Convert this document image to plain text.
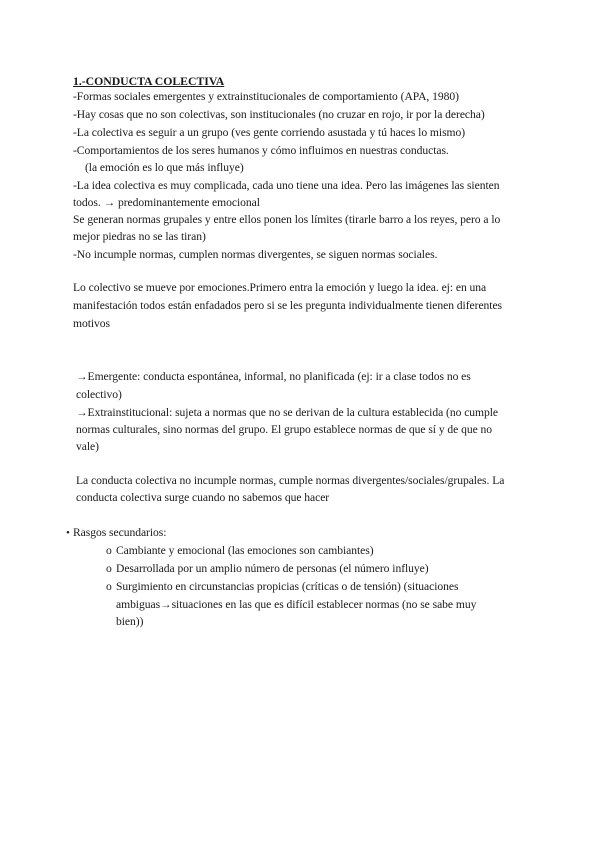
1.-CONDUCTA COLECTIVA
-Formas sociales emergentes y extrainstitucionales de comportamiento (APA, 1980)
-Hay cosas que no son colectivas, son institucionales (no cruzar en rojo, ir por la derecha)
-La colectiva es seguir a un grupo (ves gente corriendo asustada y tú haces lo mismo)
-Comportamientos de los seres humanos y cómo influimos en nuestras conductas.
(la emoción es lo que más influye)
-La idea colectiva es muy complicada, cada uno tiene una idea. Pero las imágenes las sienten
todos. → predominantemente emocional
Se generan normas grupales y entre ellos ponen los límites (tirarle barro a los reyes, pero a lo
mejor piedras no se las tiran)
-No incumple normas, cumplen normas divergentes, se siguen normas sociales.
Lo colectivo se mueve por emociones.Primero entra la emoción y luego la idea. ej: en una
manifestación todos están enfadados pero si se les pregunta individualmente tienen diferentes
motivos
→Emergente: conducta espontánea, informal, no planificada (ej: ir a clase todos no es
colectivo)
→Extrainstitucional: sujeta a normas que no se derivan de la cultura establecida (no cumple
normas culturales, sino normas del grupo. El grupo establece normas de que sí y de que no
vale)
La conducta colectiva no incumple normas, cumple normas divergentes/sociales/grupales. La
conducta colectiva surge cuando no sabemos que hacer
• Rasgos secundarios:
o Cambiante y emocional (las emociones son cambiantes)
o Desarrollada por un amplio número de personas (el número influye)
o Surgimiento en circunstancias propicias (críticas o de tensión) (situaciones
ambiguas→situaciones en las que es difícil establecer normas (no se sabe muy
bien))
